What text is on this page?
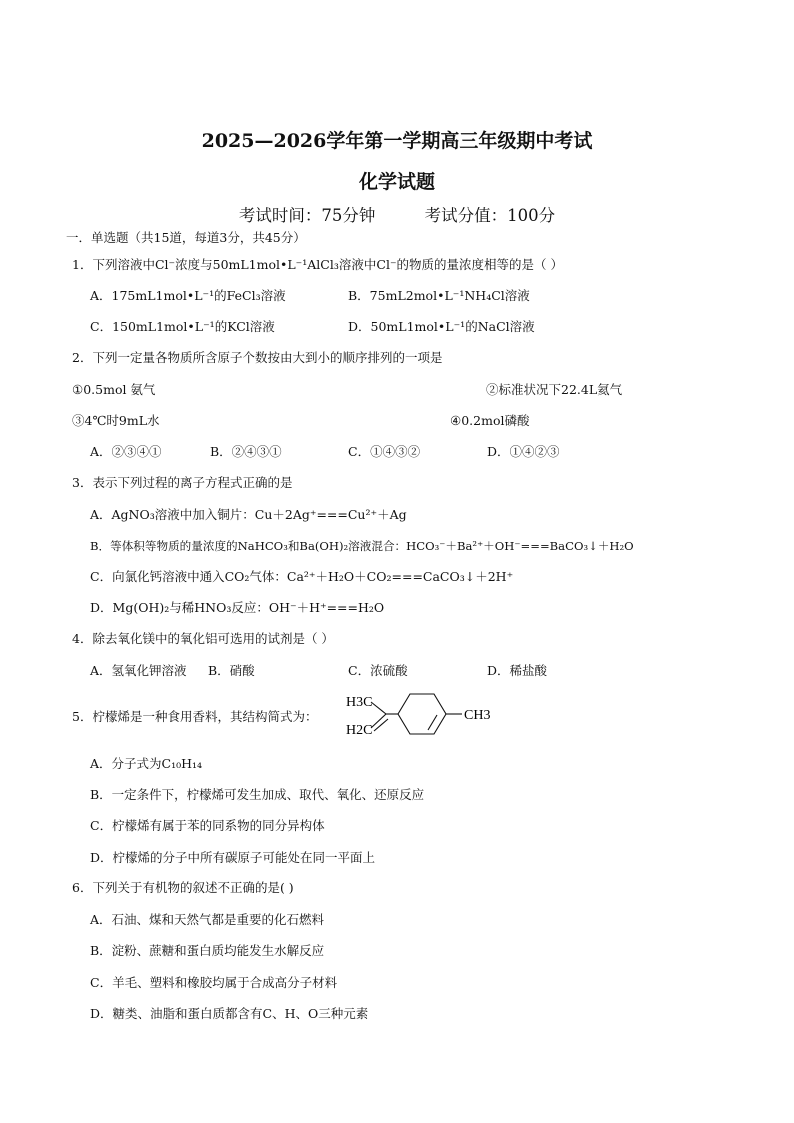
2025—2026学年第一学期高三年级期中考试
化学试题
考试时间：75分钟	考试分值：100分
一．单选题（共15道，每道3分，共45分）
1．下列溶液中Cl⁻浓度与50mL1mol•L⁻¹AlCl₃溶液中Cl⁻的物质的量浓度相等的是（ ）
A．175mL1mol•L⁻¹的FeCl₃溶液	B．75mL2mol•L⁻¹NH₄Cl溶液
C．150mL1mol•L⁻¹的KCl溶液	D．50mL1mol•L⁻¹的NaCl溶液
2．下列一定量各物质所含原子个数按由大到小的顺序排列的一项是
①0.5mol 氨气	②标准状况下22.4L氦气
③4℃时9mL水	④0.2mol磷酸
A．②③④①	B．②④③①	C．①④③②	D．①④②③
3．表示下列过程的离子方程式正确的是
A．AgNO₃溶液中加入铜片：Cu＋2Ag⁺===Cu²⁺＋Ag
B．等体积等物质的量浓度的NaHCO₃和Ba(OH)₂溶液混合：HCO₃⁻＋Ba²⁺＋OH⁻===BaCO₃↓＋H₂O
C．向氯化钙溶液中通入CO₂气体：Ca²⁺＋H₂O＋CO₂===CaCO₃↓＋2H⁺
D．Mg(OH)₂与稀HNO₃反应：OH⁻＋H⁺===H₂O
4．除去氧化镁中的氧化铝可选用的试剂是（ ）
A．氢氧化钾溶液 B．硝酸	C．浓硫酸	D．稀盐酸
5．柠檬烯是一种食用香料，其结构简式为：
H3C
H2C
CH3
A．分子式为C₁₀H₁₄
B．一定条件下，柠檬烯可发生加成、取代、氧化、还原反应
C．柠檬烯有属于苯的同系物的同分异构体
D．柠檬烯的分子中所有碳原子可能处在同一平面上
6．下列关于有机物的叙述不正确的是( )
A．石油、煤和天然气都是重要的化石燃料
B．淀粉、蔗糖和蛋白质均能发生水解反应
C．羊毛、塑料和橡胶均属于合成高分子材料
D．糖类、油脂和蛋白质都含有C、H、O三种元素
